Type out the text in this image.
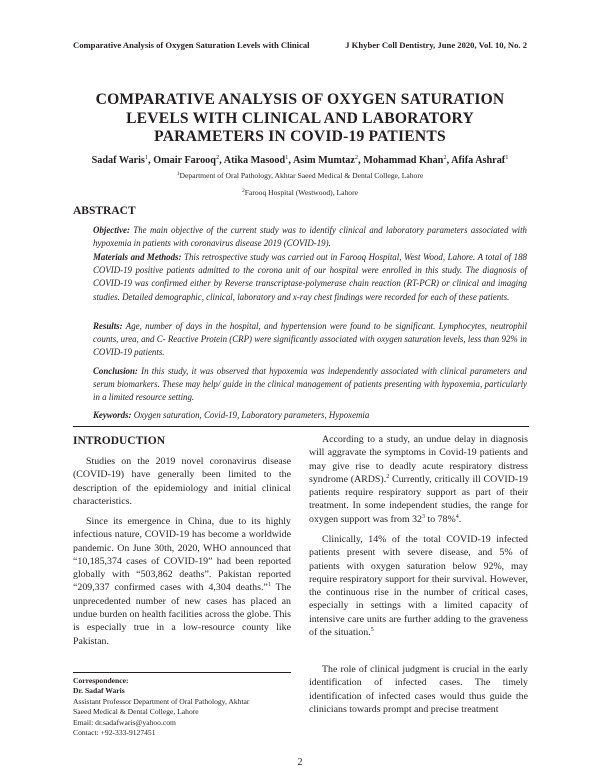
Comparative Analysis of Oxygen Saturation Levels with Clinical	J Khyber Coll Dentistry, June 2020, Vol. 10, No. 2
COMPARATIVE ANALYSIS OF OXYGEN SATURATION
LEVELS WITH CLINICAL AND LABORATORY
PARAMETERS IN COVID-19 PATIENTS
Sadaf Waris$^1$, Omair Farooq$^2$, Atika Masood$^1$, Asim Mumtaz$^2$, Mohammad Khan$^2$, Afifa Ashraf$^1$
$^1$Department of Oral Pathology, Akhtar Saeed Medical & Dental College, Lahore
$^2$Farooq Hospital (Westwood), Lahore
ABSTRACT
Objective: The main objective of the current study was to identify clinical and laboratory parameters associated with hypoxemia in patients with coronavirus disease 2019 (COVID-19).
Materials and Methods: This retrospective study was carried out in Farooq Hospital, West Wood, Lahore. A total of 188 COVID-19 positive patients admitted to the corona unit of our hospital were enrolled in this study. The diagnosis of COVID-19 was confirmed either by Reverse transcriptase-polymerase chain reaction (RT-PCR) or clinical and imaging studies. Detailed demographic, clinical, laboratory and x-ray chest findings were recorded for each of these patients.
Results: Age, number of days in the hospital, and hypertension were found to be significant. Lymphocytes, neutrophil counts, urea, and C- Reactive Protein (CRP) were significantly associated with oxygen saturation levels, less than 92% in COVID-19 patients.
Conclusion: In this study, it was observed that hypoxemia was independently associated with clinical parameters and serum biomarkers. These may help/ guide in the clinical management of patients presenting with hypoxemia, particularly in a limited resource setting.
Keywords: Oxygen saturation, Covid-19, Laboratory parameters, Hypoxemia
INTRODUCTION
Studies on the 2019 novel coronavirus disease (COVID-19) have generally been limited to the description of the epidemiology and initial clinical characteristics.
Since its emergence in China, due to its highly infectious nature, COVID-19 has become a worldwide pandemic. On June 30th, 2020, WHO announced that “10,185,374 cases of COVID-19” had been reported globally with “503,862 deaths”. Pakistan reported “209,337 confirmed cases with 4,304 deaths.”$^1$ The unprecedented number of new cases has placed an undue burden on health facilities across the globe. This is especially true in a low-resource county like Pakistan.
According to a study, an undue delay in diagnosis will aggravate the symptoms in Covid-19 patients and may give rise to deadly acute respiratory distress syndrome (ARDS).$^2$ Currently, critically ill COVID-19 patients require respiratory support as part of their treatment. In some independent studies, the range for oxygen support was from $32^3$ to 78%$^4$.
Clinically, 14% of the total COVID-19 infected patients present with severe disease, and 5% of patients with oxygen saturation below 92%, may require respiratory support for their survival. However, the continuous rise in the number of critical cases, especially in settings with a limited capacity of intensive care units are further adding to the graveness of the situation.$^5$
The role of clinical judgment is crucial in the early identification of infected cases. The timely identification of infected cases would thus guide the clinicians towards prompt and precise treatment
Correspondence:
Dr. Sadaf Waris
Assistant Professor Department of Oral Pathology, Akhtar
Saeed Medical & Dental College, Lahore
Email: dr.sadafwaris@yahoo.com
Contact: +92-333-9127451
2
